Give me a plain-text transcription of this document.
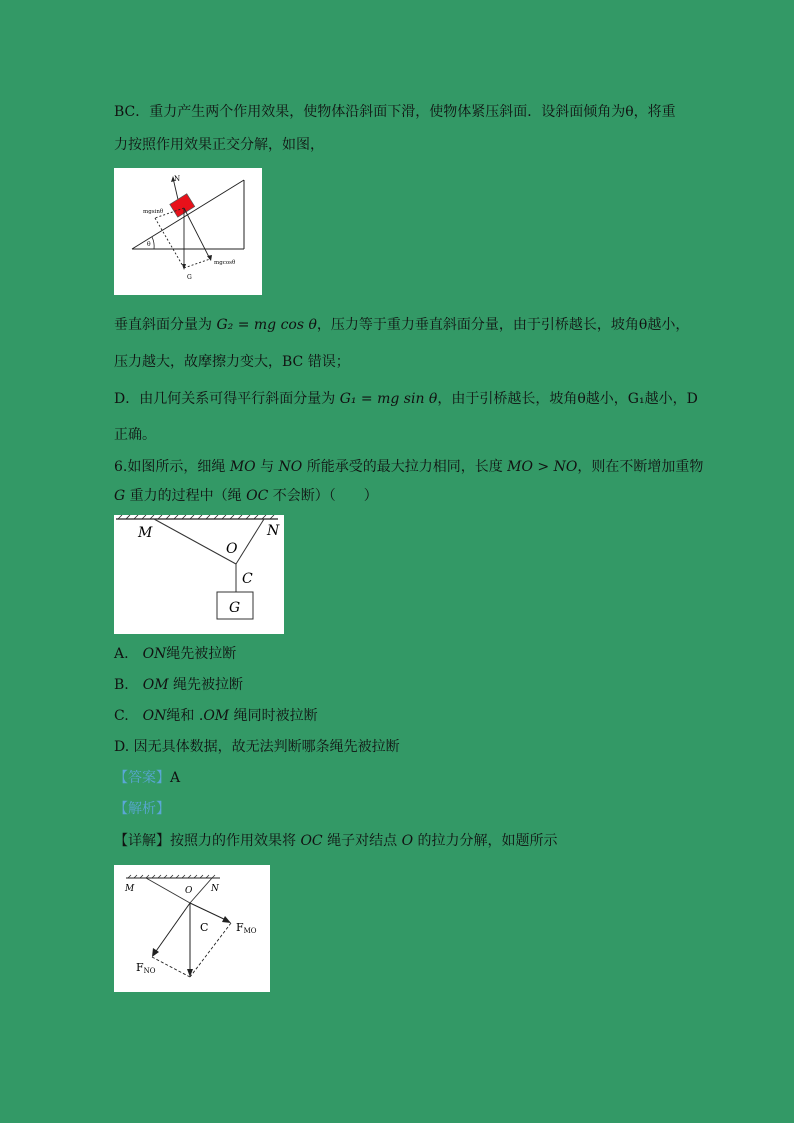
BC．重力产生两个作用效果，使物体沿斜面下滑，使物体紧压斜面．设斜面倾角为θ，将重
力按照作用效果正交分解，如图，
N
mgsinθ
mgcosθ
G
θ
垂直斜面分量为 G₂ = mg cos θ，压力等于重力垂直斜面分量，由于引桥越长，坡角θ越小，
压力越大，故摩擦力变大，BC 错误；
D．由几何关系可得平行斜面分量为 G₁ = mg sin θ，由于引桥越长，坡角θ越小，G₁越小，D
正确。
6.如图所示，细绳 MO 与 NO 所能承受的最大拉力相同，长度 MO > NO，则在不断增加重物
G 重力的过程中（绳 OC 不会断）（　　）
M
O
N
C
G
A.　ON绳先被拉断
B.　OM 绳先被拉断
C.　ON绳和 .OM 绳同时被拉断
D. 因无具体数据，故无法判断哪条绳先被拉断
【答案】A
【解析】
【详解】按照力的作用效果将 OC 绳子对结点 O 的拉力分解，如题所示
M	O N
C	FMO
FNO
